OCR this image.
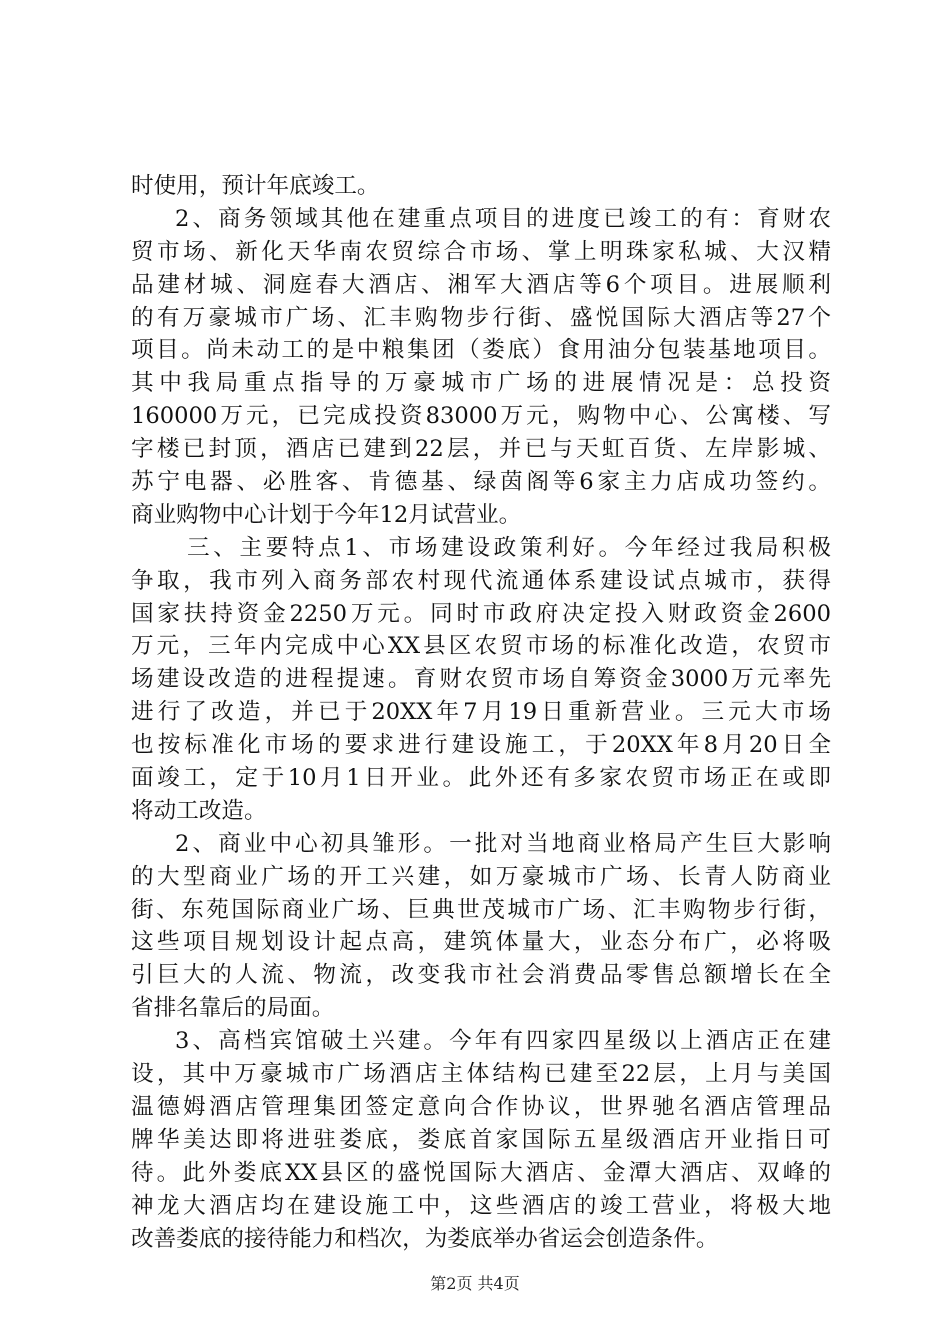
时使用，预计年底竣工。
2、商务领域其他在建重点项目的进度已竣工的有：育财农
贸市场、新化天华南农贸综合市场、掌上明珠家私城、大汉精
品建材城、洞庭春大酒店、湘军大酒店等6个项目。进展顺利
的有万豪城市广场、汇丰购物步行街、盛悦国际大酒店等27个
项目。尚未动工的是中粮集团（娄底）食用油分包装基地项目。
其中我局重点指导的万豪城市广场的进展情况是：总投资
160000万元，已完成投资83000万元，购物中心、公寓楼、写
字楼已封顶，酒店已建到22层，并已与天虹百货、左岸影城、
苏宁电器、必胜客、肯德基、绿茵阁等6家主力店成功签约。
商业购物中心计划于今年12月试营业。
三、主要特点1、市场建设政策利好。今年经过我局积极
争取，我市列入商务部农村现代流通体系建设试点城市，获得
国家扶持资金2250万元。同时市政府决定投入财政资金2600
万元，三年内完成中心XX县区农贸市场的标准化改造，农贸市
场建设改造的进程提速。育财农贸市场自筹资金3000万元率先
进行了改造，并已于20XX年7月19日重新营业。三元大市场
也按标准化市场的要求进行建设施工，于20XX年8月20日全
面竣工，定于10月1日开业。此外还有多家农贸市场正在或即
将动工改造。
2、商业中心初具雏形。一批对当地商业格局产生巨大影响
的大型商业广场的开工兴建，如万豪城市广场、长青人防商业
街、东苑国际商业广场、巨典世茂城市广场、汇丰购物步行街，
这些项目规划设计起点高，建筑体量大，业态分布广，必将吸
引巨大的人流、物流，改变我市社会消费品零售总额增长在全
省排名靠后的局面。
3、高档宾馆破土兴建。今年有四家四星级以上酒店正在建
设，其中万豪城市广场酒店主体结构已建至22层，上月与美国
温德姆酒店管理集团签定意向合作协议，世界驰名酒店管理品
牌华美达即将进驻娄底，娄底首家国际五星级酒店开业指日可
待。此外娄底XX县区的盛悦国际大酒店、金潭大酒店、双峰的
神龙大酒店均在建设施工中，这些酒店的竣工营业，将极大地
改善娄底的接待能力和档次，为娄底举办省运会创造条件。
第2页 共4页
